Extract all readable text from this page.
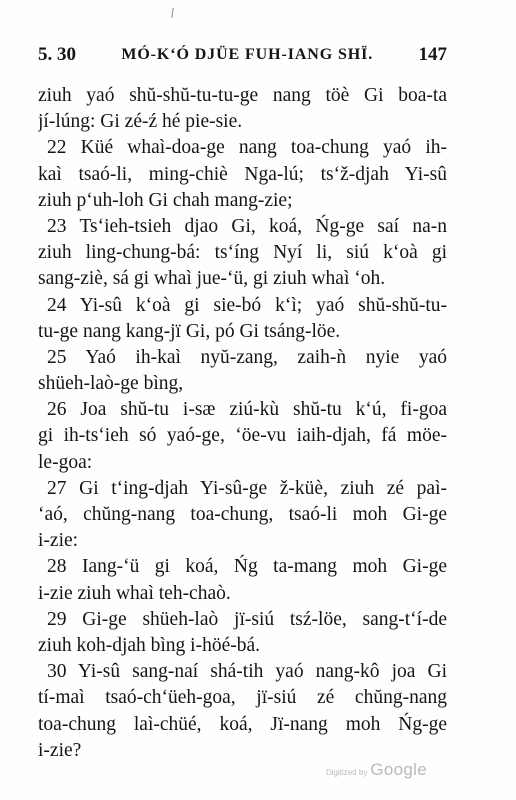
5. 30	MÓ-K‘Ó DJÜE FUH-IANG SHÏ. 147
ziuh yaó shŭ-shŭ-tu-tu-ge nang töè Gi boa-ta
jí-lúng: Gi zé-ź hé pie-sie.
22 Küé whaì-doa-ge nang toa-chung yaó ih-
kaì tsaó-li, ming-chiè Nga-lú; ts‘ž-djah Yi-sû
ziuh p‘uh-loh Gi chah mang-zie;
23 Ts‘ieh-tsieh djao Gi, koá, Ńg-ge saí na-n
ziuh ling-chung-bá: ts‘íng Nyí li, siú k‘oà gi
sang-ziè, sá gi whaì jue-‘ü, gi ziuh whaì ‘oh.
24 Yi-sû k‘oà gi sie-bó k‘ì; yaó shŭ-shŭ-tu-
tu-ge nang kang-jï Gi, pó Gi tsáng-löe.
25 Yaó ih-kaì nyŭ-zang, zaih-ǹ nyie yaó
shüeh-laò-ge bìng,
26 Joa shŭ-tu i-sæ ziú-kù shŭ-tu k‘ú, fi-goa
gi ih-ts‘ieh só yaó-ge, ‘öe-vu iaih-djah, fá möe-
le-goa:
27 Gi t‘ing-djah Yi-sû-ge ž-küè, ziuh zé paì-
‘aó, chŭng-nang toa-chung, tsaó-li moh Gi-ge
i-zie:
28 Iang-‘ü gi koá, Ńg ta-mang moh Gi-ge
i-zie ziuh whaì teh-chaò.
29 Gi-ge shüeh-laò jï-siú tsź-löe, sang-t‘í-de
ziuh koh-djah bìng i-höé-bá.
30 Yi-sû sang-naí shá-tih yaó nang-kô joa Gi
tí-maì tsaó-ch‘üeh-goa, jï-siú zé chŭng-nang
toa-chung laì-chüé, koá, Jï-nang moh Ńg-ge
i-zie?
Digitized by Google
